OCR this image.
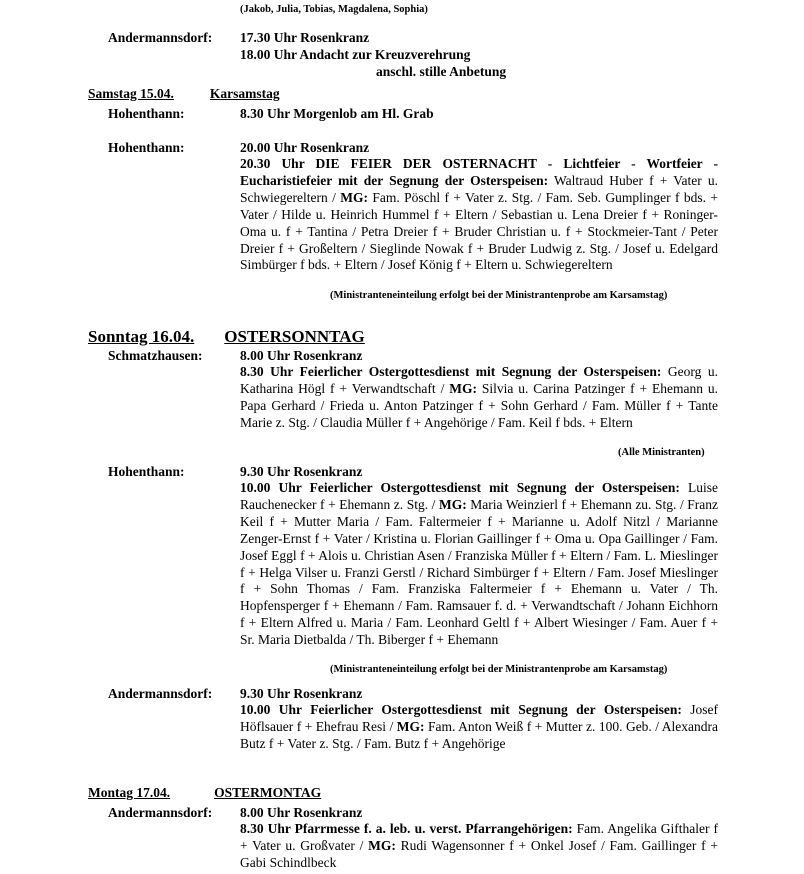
(Jakob, Julia, Tobias, Magdalena, Sophia)
Andermannsdorf: 17.30 Uhr Rosenkranz
18.00 Uhr Andacht zur Kreuzverehrung
anschl. stille Anbetung
Samstag 15.04.	Karsamstag
Hohenthann:	8.30 Uhr Morgenlob am Hl. Grab
Hohenthann:	20.00 Uhr Rosenkranz
20.30 Uhr DIE FEIER DER OSTERNACHT - Lichtfeier - Wortfeier - Eucharistiefeier mit der Segnung der Osterspeisen: Waltraud Huber f + Vater u. Schwiegereltern / MG: Fam. Pöschl f + Vater z. Stg. / Fam. Seb. Gumplinger f bds. + Vater / Hilde u. Heinrich Hummel f + Eltern / Sebastian u. Lena Dreier f + Roninger-Oma u. f + Tantina / Petra Dreier f + Bruder Christian u. f + Stockmeier-Tant / Peter Dreier f + Großeltern / Sieglinde Nowak f + Bruder Ludwig z. Stg. / Josef u. Edelgard Simbürger f bds. + Eltern / Josef König f + Eltern u. Schwiegereltern
(Ministranteneinteilung erfolgt bei der Ministrantenprobe am Karsamstag)
Sonntag 16.04. OSTERSONNTAG
Schmatzhausen:	8.00 Uhr Rosenkranz
8.30 Uhr Feierlicher Ostergottesdienst mit Segnung der Osterspeisen: Georg u. Katharina Högl f + Verwandtschaft / MG: Silvia u. Carina Patzinger f + Ehemann u. Papa Gerhard / Frieda u. Anton Patzinger f + Sohn Gerhard / Fam. Müller f + Tante Marie z. Stg. / Claudia Müller f + Angehörige / Fam. Keil f bds. + Eltern
(Alle Ministranten)
Hohenthann:	9.30 Uhr Rosenkranz
10.00 Uhr Feierlicher Ostergottesdienst mit Segnung der Osterspeisen: Luise Rauchenecker f + Ehemann z. Stg. / MG: Maria Weinzierl f + Ehemann zu. Stg. / Franz Keil f + Mutter Maria / Fam. Faltermeier f + Marianne u. Adolf Nitzl / Marianne Zenger-Ernst f + Vater / Kristina u. Florian Gaillinger f + Oma u. Opa Gaillinger / Fam. Josef Eggl f + Alois u. Christian Asen / Franziska Müller f + Eltern / Fam. L. Mieslinger f + Helga Vilser u. Franzi Gerstl / Richard Simbürger f + Eltern / Fam. Josef Mieslinger f + Sohn Thomas / Fam. Franziska Faltermeier f + Ehemann u. Vater / Th. Hopfensperger f + Ehemann / Fam. Ramsauer f. d. + Verwandtschaft / Johann Eichhorn f + Eltern Alfred u. Maria / Fam. Leonhard Geltl f + Albert Wiesinger / Fam. Auer f + Sr. Maria Dietbalda / Th. Biberger f + Ehemann
(Ministranteneinteilung erfolgt bei der Ministrantenprobe am Karsamstag)
Andermannsdorf: 9.30 Uhr Rosenkranz
10.00 Uhr Feierlicher Ostergottesdienst mit Segnung der Osterspeisen: Josef Höflsauer f + Ehefrau Resi / MG: Fam. Anton Weiß f + Mutter z. 100. Geb. / Alexandra Butz f + Vater z. Stg. / Fam. Butz f + Angehörige
Montag 17.04.	OSTERMONTAG
Andermannsdorf: 8.00 Uhr Rosenkranz
8.30 Uhr Pfarrmesse f. a. leb. u. verst. Pfarrangehörigen: Fam. Angelika Gifthaler f + Vater u. Großvater / MG: Rudi Wagensonner f + Onkel Josef / Fam. Gaillinger f + Gabi Schindlbeck
